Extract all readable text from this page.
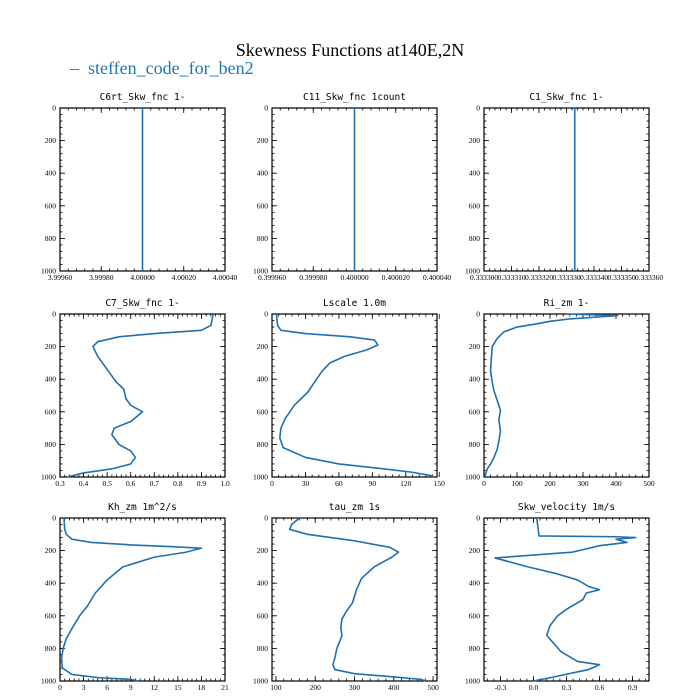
Skewness Functions at140E,2N
– steffen_code_for_ben2
C6rt_Skw_fnc 1-
0
200
400
600
800
1000
3.99960 3.99980 4.00000 4.00020 4.00040
C11_Skw_fnc 1count
0
200
400
600
800
1000
0.399960 0.399980 0.400000 0.400020 0.400040
C1_Skw_fnc 1-
0
200
400
600
800
1000
0.333300 0.333310 0.333320 0.333330 0.333340 0.333350 0.333360
C7_Skw_fnc 1-
0
200
400
600
800
1000
0.3 0.4 0.5 0.6 0.7 0.8 0.9 1.0
Lscale 1.0m
0
200
400
600
800
1000
0	30	60	90	120	150
Ri_zm 1-
0
200
400
600
800
1000
0	100	200	300	400	500
Kh_zm 1m^2/s
0
200
400
600
800
1000
0	3	6	9 12 15 18 21
tau_zm 1s
0
200
400
600
800
1000
100	200	300	400	500
Skw_velocity 1m/s
0
200
400
600
800
1000
-0.3	0.0	0.3	0.6	0.9
